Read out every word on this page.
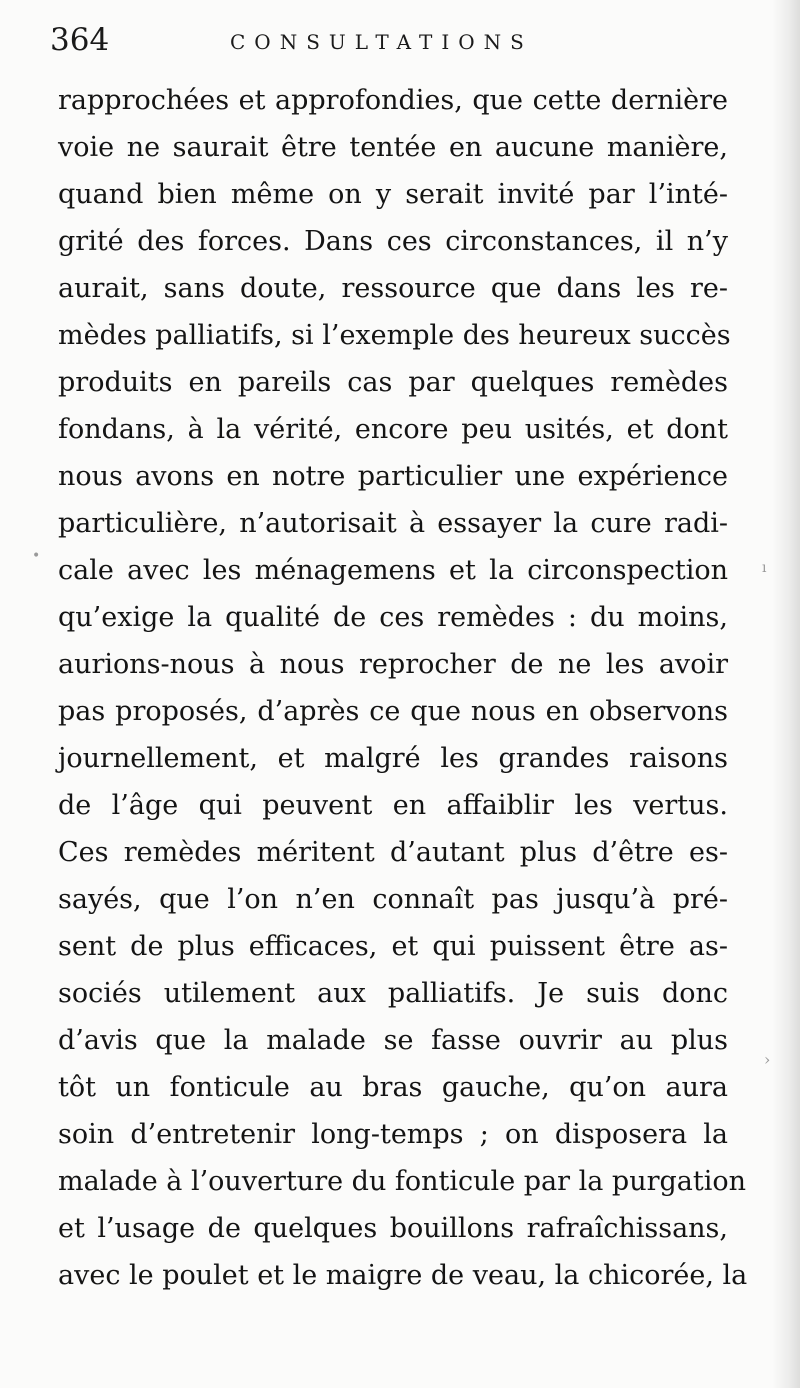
364	CONSULTATIONS
rapprochées et approfondies, que cette dernière
voie ne saurait être tentée en aucune manière,
quand bien même on y serait invité par l’inté-
grité des forces. Dans ces circonstances, il n’y
aurait, sans doute, ressource que dans les re-
mèdes palliatifs, si l’exemple des heureux succès
produits en pareils cas par quelques remèdes
fondans, à la vérité, encore peu usités, et dont
nous avons en notre particulier une expérience
particulière, n’autorisait à essayer la cure radi-
cale avec les ménagemens et la circonspection
qu’exige la qualité de ces remèdes : du moins,
aurions-nous à nous reprocher de ne les avoir
pas proposés, d’après ce que nous en observons
journellement, et malgré les grandes raisons
de l’âge qui peuvent en affaiblir les vertus.
Ces remèdes méritent d’autant plus d’être es-
sayés, que l’on n’en connaît pas jusqu’à pré-
sent de plus efficaces, et qui puissent être as-
sociés utilement aux palliatifs. Je suis donc
d’avis que la malade se fasse ouvrir au plus
tôt un fonticule au bras gauche, qu’on aura
soin d’entretenir long-temps ; on disposera la
malade à l’ouverture du fonticule par la purgation
et l’usage de quelques bouillons rafraîchissans,
avec le poulet et le maigre de veau, la chicorée, la
•
ı
›
